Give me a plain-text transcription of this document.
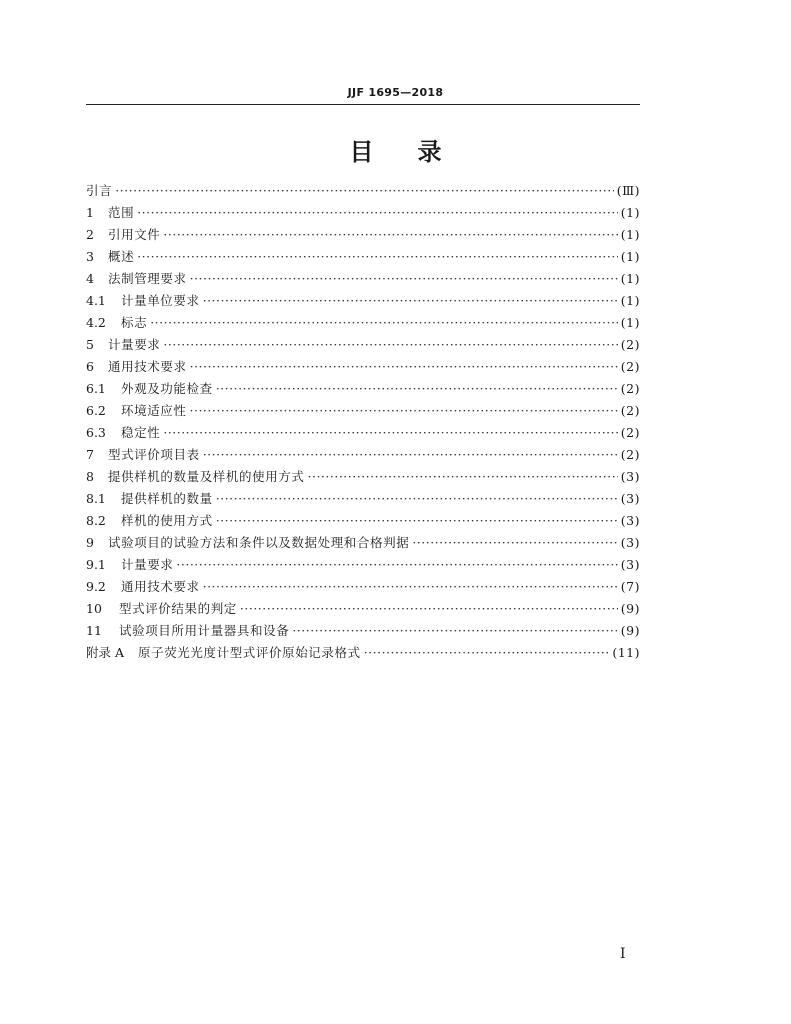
JJF 1695—2018
目录
引言 ·····	(Ⅲ)
1	范围 ·····	(1)
2	引用文件 ·····	(1)
3	概述 ·····	(1)
4	法制管理要求 ·····	(1)
4.1	计量单位要求 ·····	(1)
4.2	标志 ·····	(1)
5	计量要求 ·····	(2)
6	通用技术要求 ·····	(2)
6.1	外观及功能检查 ·····	(2)
6.2	环境适应性 ·····	(2)
6.3	稳定性 ·····	(2)
7	型式评价项目表 ·····	(2)
8	提供样机的数量及样机的使用方式 ·····	(3)
8.1	提供样机的数量 ·····	(3)
8.2	样机的使用方式 ·····	(3)
9	试验项目的试验方法和条件以及数据处理和合格判据 ·····	(3)
9.1	计量要求 ·····	(3)
9.2	通用技术要求 ·····	(7)
10	型式评价结果的判定 ·····	(9)
11	试验项目所用计量器具和设备 ·····	(9)
附录 A	原子荧光光度计型式评价原始记录格式 ·····	(11)
I
